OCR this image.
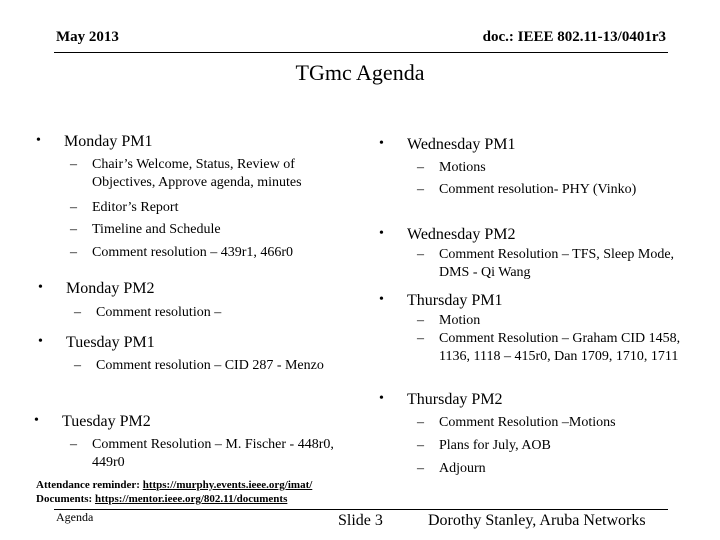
May 2013	doc.: IEEE 802.11-13/0401r3
TGmc Agenda
• Monday PM1
– Chair’s Welcome, Status, Review of Objectives, Approve agenda, minutes
– Editor’s Report
– Timeline and Schedule
– Comment resolution – 439r1, 466r0
• Monday PM2
– Comment resolution –
• Tuesday PM1
– Comment resolution – CID 287 - Menzo
• Tuesday PM2
– Comment Resolution – M. Fischer - 448r0, 449r0
• Wednesday PM1
– Motions
– Comment resolution- PHY (Vinko)
• Wednesday PM2
– Comment Resolution – TFS, Sleep Mode, DMS - Qi Wang
• Thursday PM1
– Motion
– Comment Resolution – Graham CID 1458, 1136, 1118 – 415r0, Dan 1709, 1710, 1711
• Thursday PM2
– Comment Resolution –Motions
– Plans for July, AOB
– Adjourn
Attendance reminder: https://murphy.events.ieee.org/imat/
Documents: https://mentor.ieee.org/802.11/documents
Agenda	Slide 3	Dorothy Stanley, Aruba Networks
